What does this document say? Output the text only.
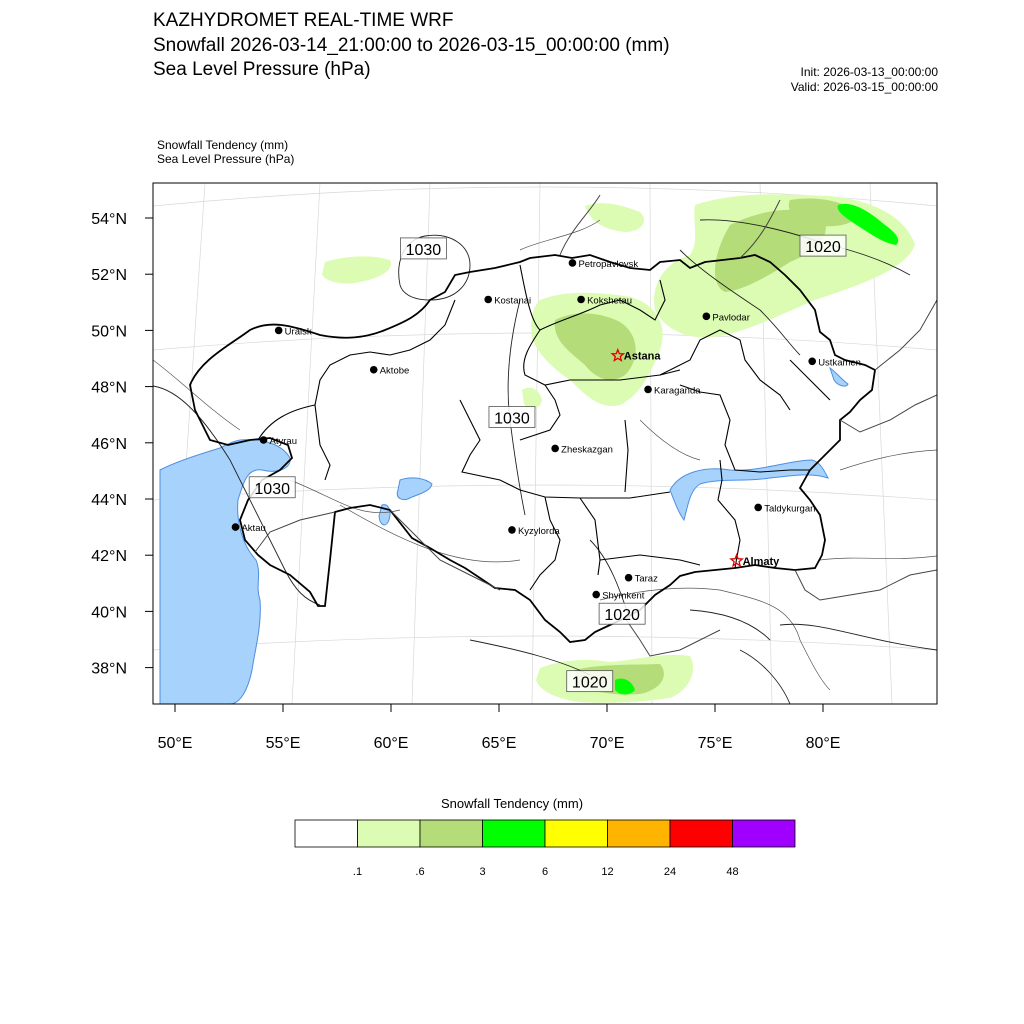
KAZHYDROMET REAL-TIME WRF
Snowfall 2026-03-14_21:00:00 to 2026-03-15_00:00:00 (mm)
Sea Level Pressure (hPa)	Init: 2026-03-13_00:00:00
Valid: 2026-03-15_00:00:00
Snowfall Tendency (mm)
Sea Level Pressure (hPa)
1030	1020
1030
1030
1020
1020
Petropavlovsk
Kostanai	Kokshetau
Pavlodar
Uralsk
Astana
Ustkamen
Aktobe
Karaganda
Atyrau
Zheskazgan
Kyzylorda
Aktau
Taldykurgan
Almaty
Taraz
Shymkent
54°N
52°N
50°N
48°N
46°N
44°N
42°N
40°N
38°N
50°E	55°E	60°E	65°E	70°E	75°E	80°E
Snowfall Tendency (mm)
.1	.6	3	6	12	24	48
